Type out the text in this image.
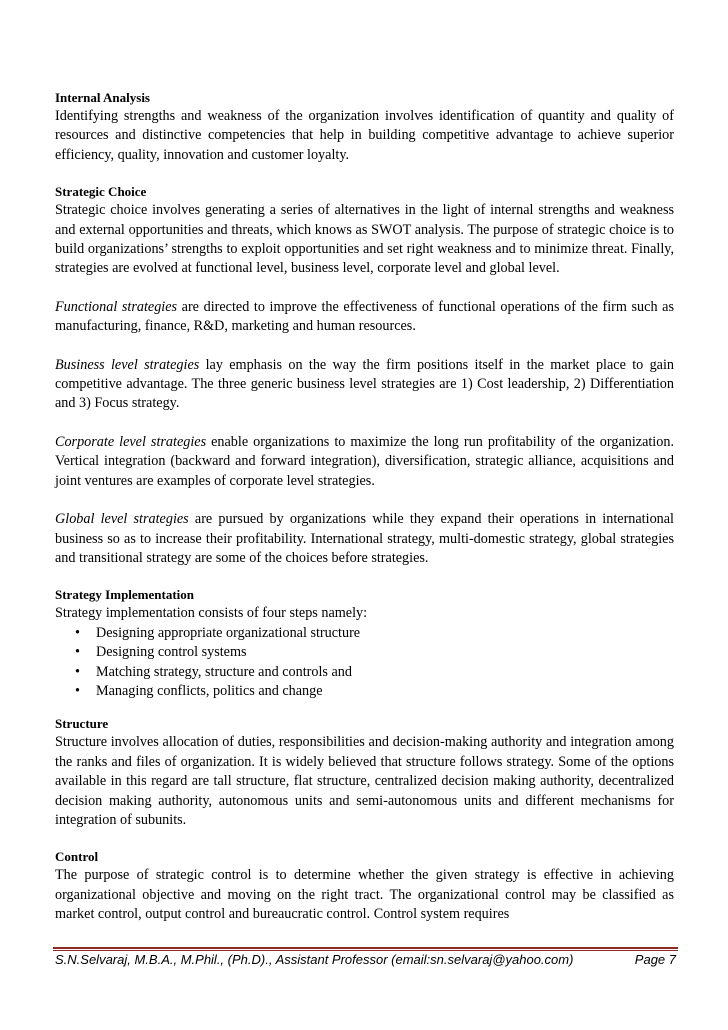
Internal Analysis

Identifying strengths and weakness of the organization involves identification of quantity and quality of resources and distinctive competencies that help in building competitive advantage to achieve superior efficiency, quality, innovation and customer loyalty.

Strategic Choice

Strategic choice involves generating a series of alternatives in the light of internal strengths and weakness and external opportunities and threats, which knows as SWOT analysis. The purpose of strategic choice is to build organizations’ strengths to exploit opportunities and set right weakness and to minimize threat. Finally, strategies are evolved at functional level, business level, corporate level and global level.

Functional strategies are directed to improve the effectiveness of functional operations of the firm such as manufacturing, finance, R&D, marketing and human resources.

Business level strategies lay emphasis on the way the firm positions itself in the market place to gain competitive advantage. The three generic business level strategies are 1) Cost leadership, 2) Differentiation and 3) Focus strategy.

Corporate level strategies enable organizations to maximize the long run profitability of the organization. Vertical integration (backward and forward integration), diversification, strategic alliance, acquisitions and joint ventures are examples of corporate level strategies.

Global level strategies are pursued by organizations while they expand their operations in international business so as to increase their profitability. International strategy, multi-domestic strategy, global strategies and transitional strategy are some of the choices before strategies.

Strategy Implementation

Strategy implementation consists of four steps namely:

• Designing appropriate organizational structure
• Designing control systems
• Matching strategy, structure and controls and
• Managing conflicts, politics and change
Structure

Structure involves allocation of duties, responsibilities and decision-making authority and integration among the ranks and files of organization. It is widely believed that structure follows strategy. Some of the options available in this regard are tall structure, flat structure, centralized decision making authority, decentralized decision making authority, autonomous units and semi-autonomous units and different mechanisms for integration of subunits.

Control

The purpose of strategic control is to determine whether the given strategy is effective in achieving organizational objective and moving on the right tract. The organizational control may be classified as market control, output control and bureaucratic control. Control system requires

S.N.Selvaraj, M.B.A., M.Phil., (Ph.D)., Assistant Professor (email:sn.selvaraj@yahoo.com)	Page 7
